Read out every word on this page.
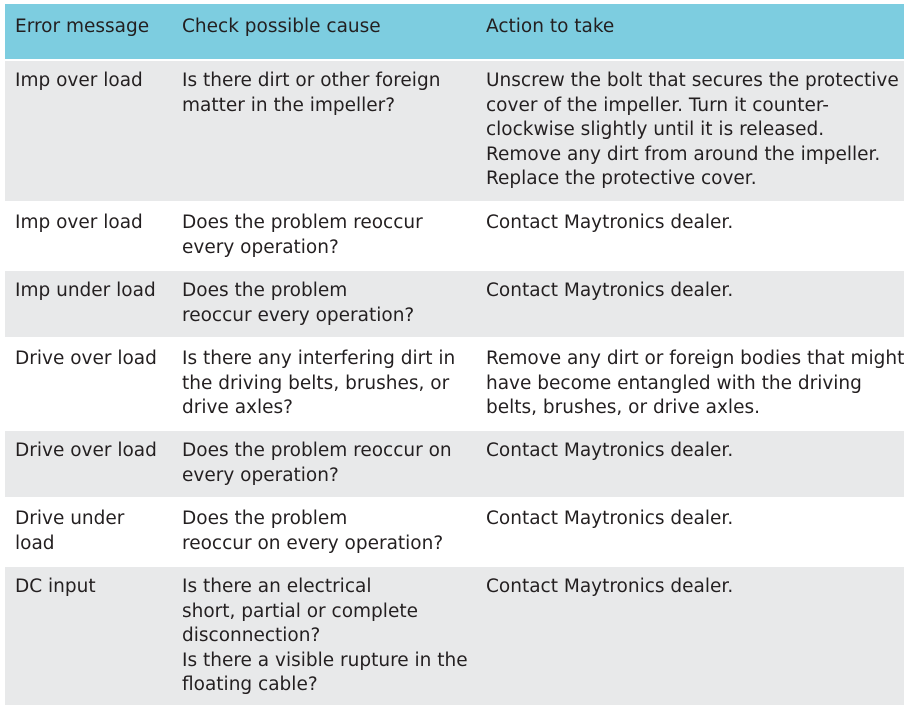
Error message	Check possible cause	Action to take

Imp over load	Is there dirt or other foreign
matter in the impeller?	Unscrew the bolt that secures the protective
cover of the impeller. Turn it counter-
clockwise slightly until it is released.
Remove any dirt from around the impeller.
Replace the protective cover.

Imp over load	Does the problem reoccur
every operation?	Contact Maytronics dealer.

Imp under load	Does the problem
reoccur every operation?	Contact Maytronics dealer.

Drive over load	Is there any interfering dirt in
the driving belts, brushes, or
drive axles?	Remove any dirt or foreign bodies that might
have become entangled with the driving
belts, brushes, or drive axles.

Drive over load	Does the problem reoccur on
every operation?	Contact Maytronics dealer.

Drive under
load	Does the problem
reoccur on every operation?	Contact Maytronics dealer.

DC input	Is there an electrical
short, partial or complete
disconnection?
Is there a visible rupture in the
floating cable?	Contact Maytronics dealer.
